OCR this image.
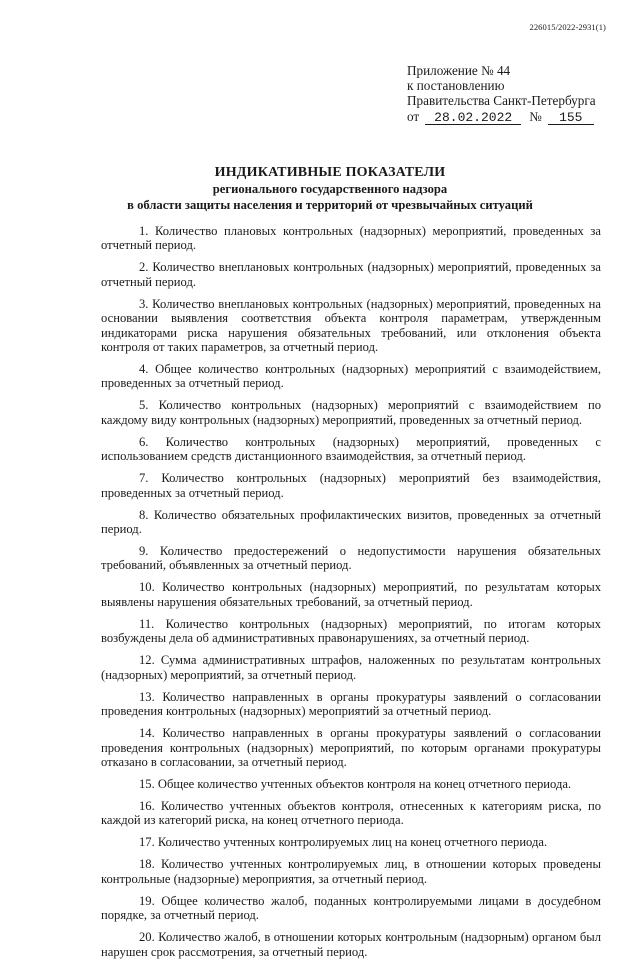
226015/2022-2931(1)
Приложение № 44
к постановлению
Правительства Санкт-Петербурга
от 28.02.2022 № 155
ИНДИКАТИВНЫЕ ПОКАЗАТЕЛИ
регионального государственного надзора
в области защиты населения и территорий от чрезвычайных ситуаций

1. Количество плановых контрольных (надзорных) мероприятий, проведенных за отчетный период.

2. Количество внеплановых контрольных (надзорных) мероприятий, проведенных за отчетный период.

3. Количество внеплановых контрольных (надзорных) мероприятий, проведенных на основании выявления соответствия объекта контроля параметрам, утвержденным индикаторами риска нарушения обязательных требований, или отклонения объекта контроля от таких параметров, за отчетный период.

4. Общее количество контрольных (надзорных) мероприятий с взаимодействием, проведенных за отчетный период.

5. Количество контрольных (надзорных) мероприятий с взаимодействием по каждому виду контрольных (надзорных) мероприятий, проведенных за отчетный период.

6. Количество контрольных (надзорных) мероприятий, проведенных с использованием средств дистанционного взаимодействия, за отчетный период.

7. Количество контрольных (надзорных) мероприятий без взаимодействия, проведенных за отчетный период.

8. Количество обязательных профилактических визитов, проведенных за отчетный период.

9. Количество предостережений о недопустимости нарушения обязательных требований, объявленных за отчетный период.

10. Количество контрольных (надзорных) мероприятий, по результатам которых выявлены нарушения обязательных требований, за отчетный период.

11. Количество контрольных (надзорных) мероприятий, по итогам которых возбуждены дела об административных правонарушениях, за отчетный период.

12. Сумма административных штрафов, наложенных по результатам контрольных (надзорных) мероприятий, за отчетный период.

13. Количество направленных в органы прокуратуры заявлений о согласовании проведения контрольных (надзорных) мероприятий за отчетный период.

14. Количество направленных в органы прокуратуры заявлений о согласовании проведения контрольных (надзорных) мероприятий, по которым органами прокуратуры отказано в согласовании, за отчетный период.

15. Общее количество учтенных объектов контроля на конец отчетного периода.

16. Количество учтенных объектов контроля, отнесенных к категориям риска, по каждой из категорий риска, на конец отчетного периода.

17. Количество учтенных контролируемых лиц на конец отчетного периода.

18. Количество учтенных контролируемых лиц, в отношении которых проведены контрольные (надзорные) мероприятия, за отчетный период.

19. Общее количество жалоб, поданных контролируемыми лицами в досудебном порядке, за отчетный период.

20. Количество жалоб, в отношении которых контрольным (надзорным) органом был нарушен срок рассмотрения, за отчетный период.
